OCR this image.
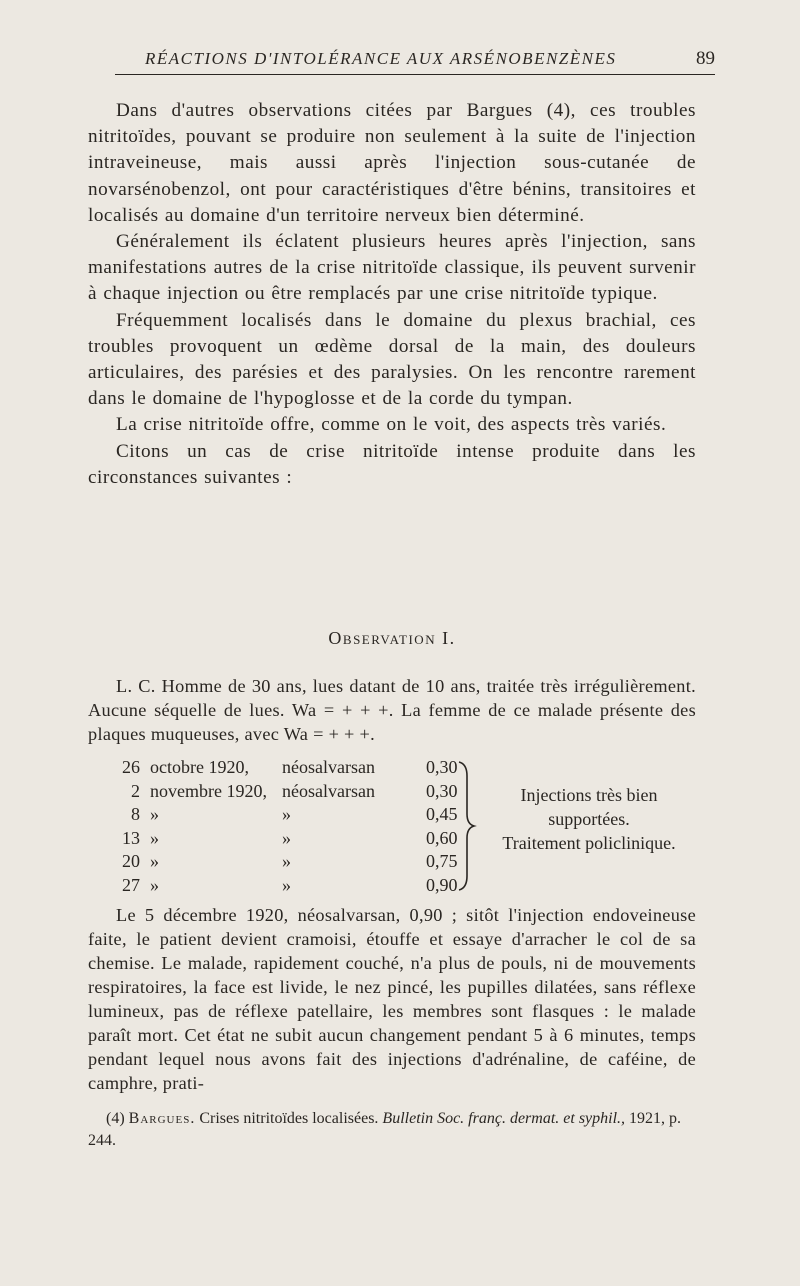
RÉACTIONS D'INTOLÉRANCE AUX ARSÉNOBENZÈNES	89

Dans d'autres observations citées par Bargues (4), ces troubles nitritoïdes, pouvant se produire non seulement à la suite de l'injection intraveineuse, mais aussi après l'injection sous-cutanée de novarsénobenzol, ont pour caractéristiques d'être bénins, transitoires et localisés au domaine d'un territoire nerveux bien déterminé.

Généralement ils éclatent plusieurs heures après l'injection, sans manifestations autres de la crise nitritoïde classique, ils peuvent survenir à chaque injection ou être remplacés par une crise nitritoïde typique.

Fréquemment localisés dans le domaine du plexus brachial, ces troubles provoquent un œdème dorsal de la main, des douleurs articulaires, des parésies et des paralysies. On les rencontre rarement dans le domaine de l'hypoglosse et de la corde du tympan.

La crise nitritoïde offre, comme on le voit, des aspects très variés.

Citons un cas de crise nitritoïde intense produite dans les circonstances suivantes :

Observation I.

L. C. Homme de 30 ans, lues datant de 10 ans, traitée très irrégulièrement. Aucune séquelle de lues. Wa = + + +. La femme de ce malade présente des plaques muqueuses, avec Wa = + + +.

26 octobre 1920,	néosalvarsan	0,30
2 novembre 1920, néosalvarsan	0,30
8 »	»	0,45
13 »	»	0,60
20 »	»	0,75
27 »	»	0,90
Injections très bien
supportées.
Traitement policlinique.

Le 5 décembre 1920, néosalvarsan, 0,90 ; sitôt l'injection endoveineuse faite, le patient devient cramoisi, étouffe et essaye d'arracher le col de sa chemise. Le malade, rapidement couché, n'a plus de pouls, ni de mouvements respiratoires, la face est livide, le nez pincé, les pupilles dilatées, sans réflexe lumineux, pas de réflexe patellaire, les membres sont flasques : le malade paraît mort. Cet état ne subit aucun changement pendant 5 à 6 minutes, temps pendant lequel nous avons fait des injections d'adrénaline, de caféine, de camphre, prati-

(4) Bargues. Crises nitritoïdes localisées. Bulletin Soc. franç. dermat. et syphil., 1921, p. 244.
